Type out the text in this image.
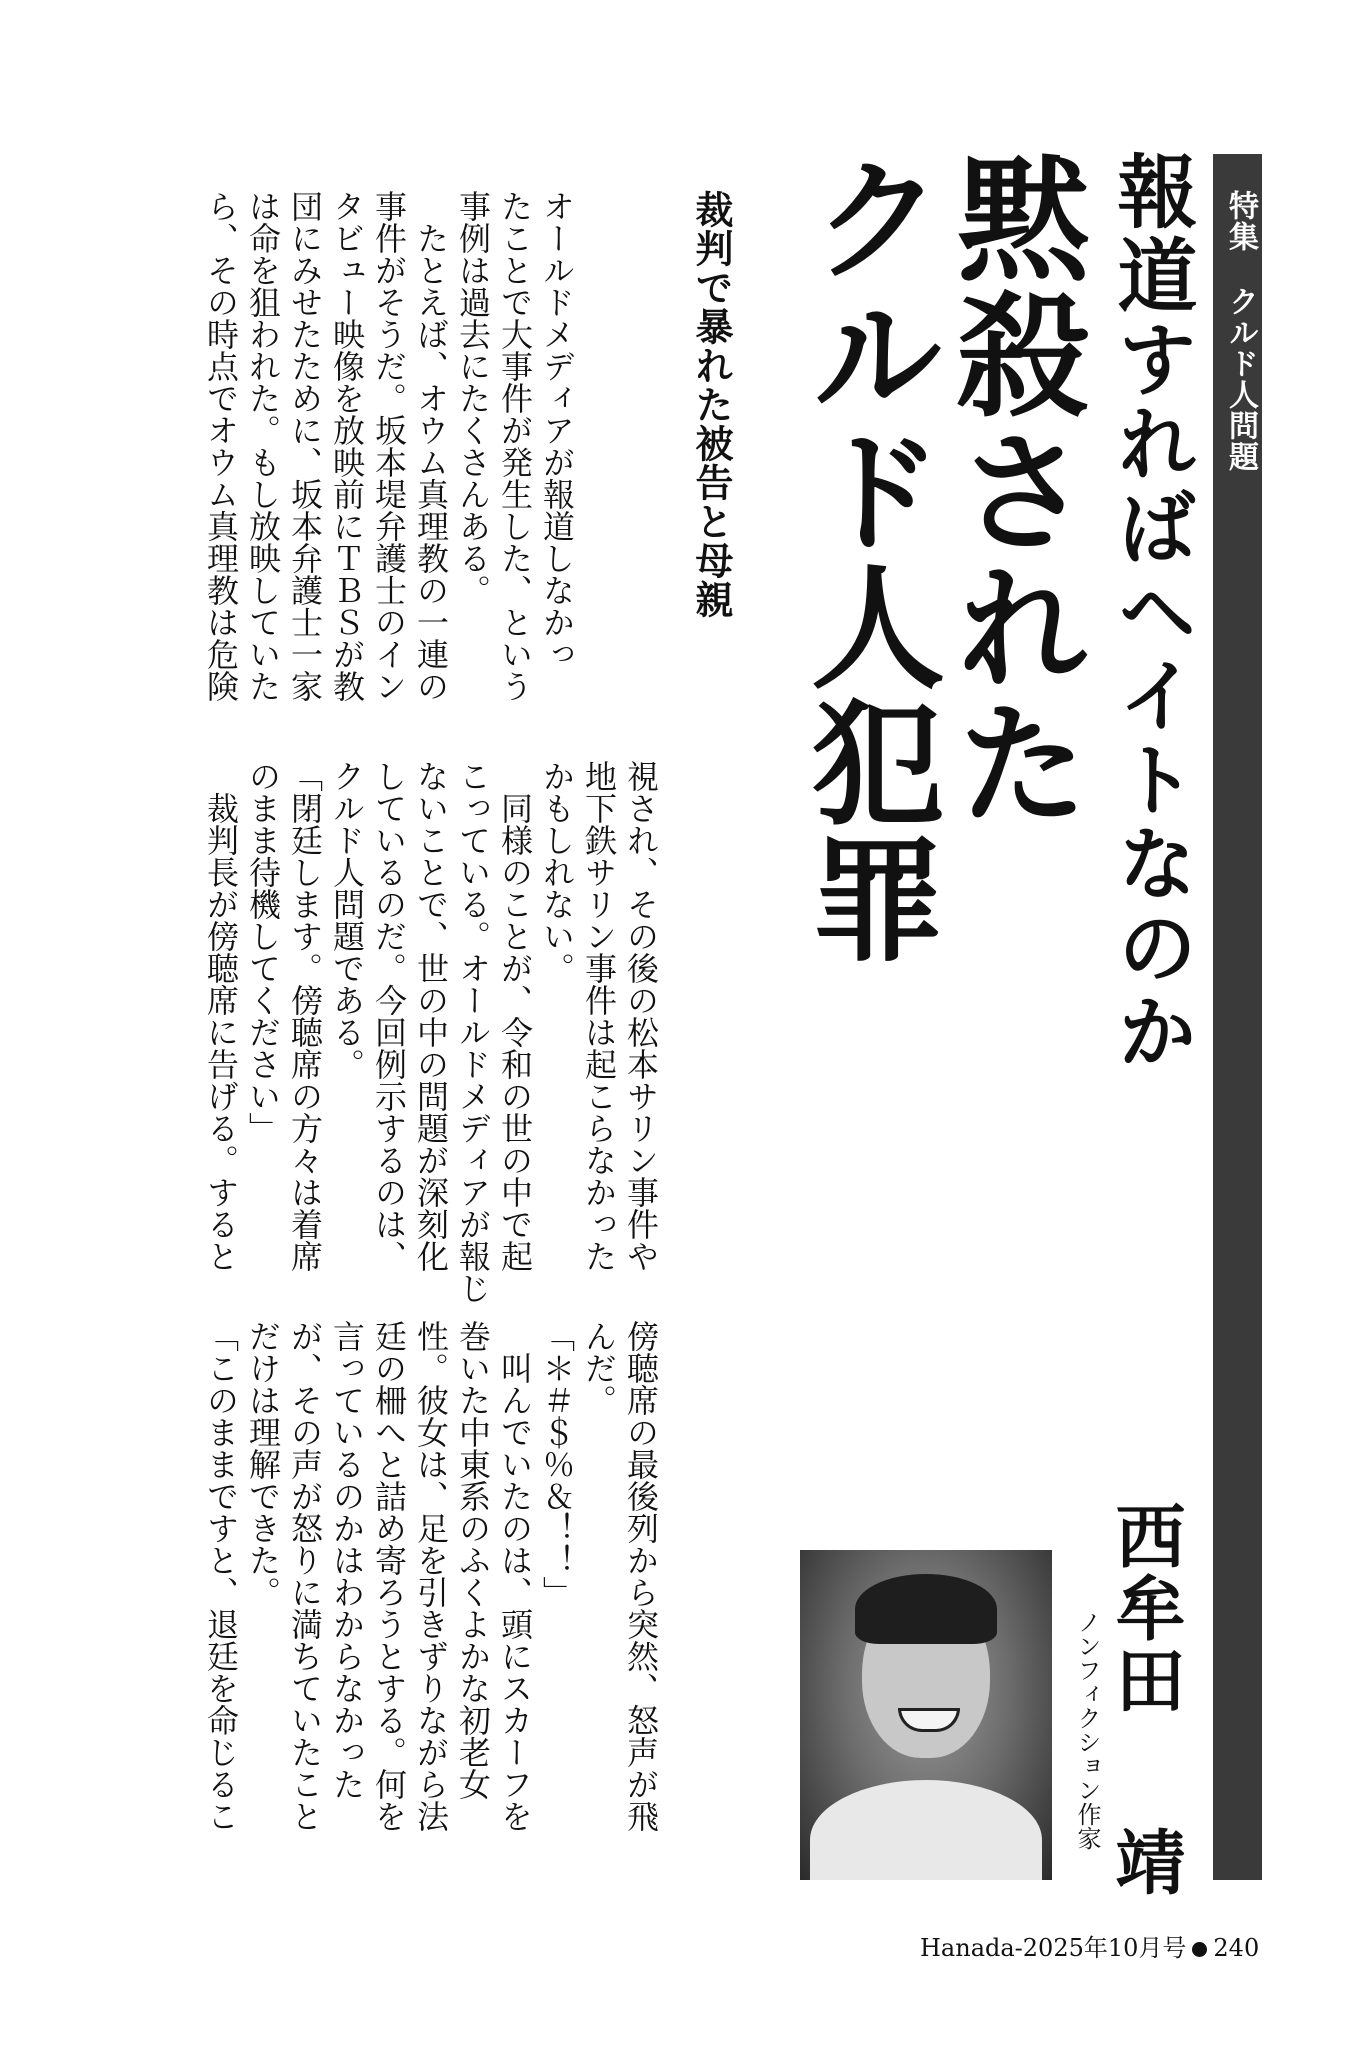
特集クルド人問題
報道すればヘイトなのか
黙殺された
クルド人犯罪
裁判で暴れた被告と母親
オールドメディアが報道しなかっ
たことで大事件が発生した、という
事例は過去にたくさんある。
　たとえば、オウム真理教の一連の
事件がそうだ。坂本堤弁護士のイン
タビュー映像を放映前にＴＢＳが教
団にみせたために、坂本弁護士一家
は命を狙われた。もし放映していた
ら、その時点でオウム真理教は危険
視され、その後の松本サリン事件や
地下鉄サリン事件は起こらなかった
かもしれない。
　同様のことが、令和の世の中で起
こっている。オールドメディアが報じ
ないことで、世の中の問題が深刻化
しているのだ。今回例示するのは、
クルド人問題である。
「閉廷します。傍聴席の方々は着席
のまま待機してください」
　裁判長が傍聴席に告げる。すると
傍聴席の最後列から突然、怒声が飛
んだ。
「＊＃＄％＆！！」
　叫んでいたのは、頭にスカーフを
巻いた中東系のふくよかな初老女
性。彼女は、足を引きずりながら法
廷の柵へと詰め寄ろうとする。何を
言っているのかはわからなかった
が、その声が怒りに満ちていたこと
だけは理解できた。
「このままですと、退廷を命じるこ	西牟田靖
ノンフィクション作家
Hanada-2025年10月号 240
